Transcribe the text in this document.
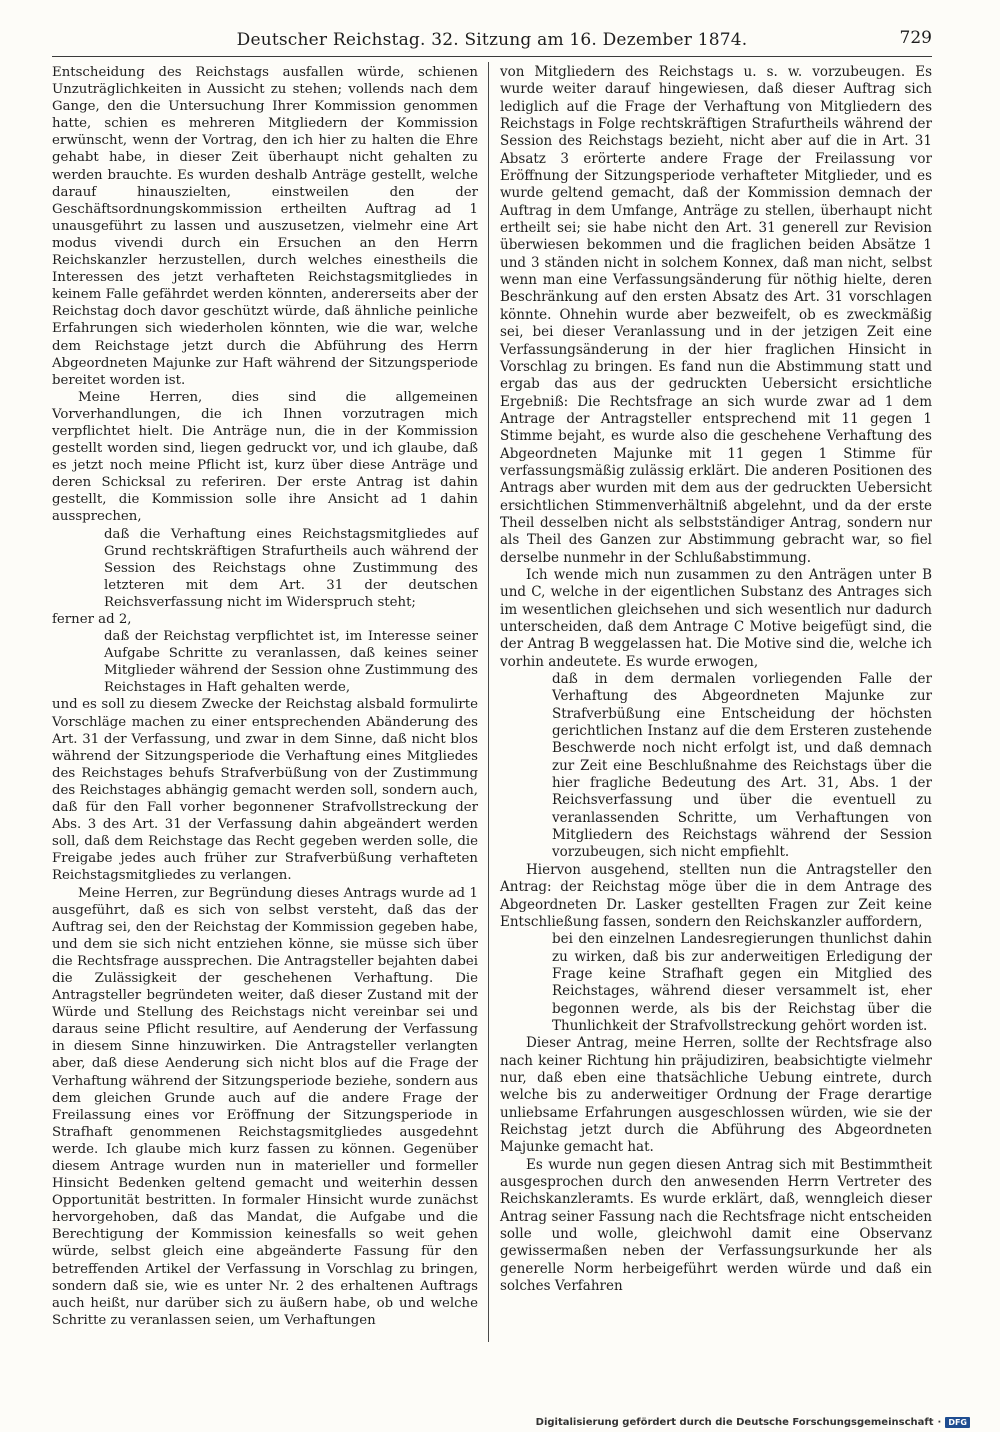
Deutscher Reichstag. 32. Sitzung am 16. Dezember 1874.	729

Entscheidung des Reichstags ausfallen würde, schienen Unzuträglichkeiten in Aussicht zu stehen; vollends nach dem Gange, den die Untersuchung Ihrer Kommission genommen hatte, schien es mehreren Mitgliedern der Kommission erwünscht, wenn der Vortrag, den ich hier zu halten die Ehre gehabt habe, in dieser Zeit überhaupt nicht gehalten zu werden brauchte. Es wurden deshalb Anträge gestellt, welche darauf hinauszielten, einstweilen den der Geschäftsordnungskommission ertheilten Auftrag ad 1 unausgeführt zu lassen und auszusetzen, vielmehr eine Art modus vivendi durch ein Ersuchen an den Herrn Reichskanzler herzustellen, durch welches einestheils die Interessen des jetzt verhafteten Reichstagsmitgliedes in keinem Falle gefährdet werden könnten, andererseits aber der Reichstag doch davor geschützt würde, daß ähnliche peinliche Erfahrungen sich wiederholen könnten, wie die war, welche dem Reichstage jetzt durch die Abführung des Herrn Abgeordneten Majunke zur Haft während der Sitzungsperiode bereitet worden ist.

Meine Herren, dies sind die allgemeinen Vorverhandlungen, die ich Ihnen vorzutragen mich verpflichtet hielt. Die Anträge nun, die in der Kommission gestellt worden sind, liegen gedruckt vor, und ich glaube, daß es jetzt noch meine Pflicht ist, kurz über diese Anträge und deren Schicksal zu referiren. Der erste Antrag ist dahin gestellt, die Kommission solle ihre Ansicht ad 1 dahin aussprechen,

daß die Verhaftung eines Reichstagsmitgliedes auf Grund rechtskräftigen Strafurtheils auch während der Session des Reichstags ohne Zustimmung des letzteren mit dem Art. 31 der deutschen Reichsverfassung nicht im Widerspruch steht;

ferner ad 2,

daß der Reichstag verpflichtet ist, im Interesse seiner Aufgabe Schritte zu veranlassen, daß keines seiner Mitglieder während der Session ohne Zustimmung des Reichstages in Haft gehalten werde,

und es soll zu diesem Zwecke der Reichstag alsbald formulirte Vorschläge machen zu einer entsprechenden Abänderung des Art. 31 der Verfassung, und zwar in dem Sinne, daß nicht blos während der Sitzungsperiode die Verhaftung eines Mitgliedes des Reichstages behufs Strafverbüßung von der Zustimmung des Reichstages abhängig gemacht werden soll, sondern auch, daß für den Fall vorher begonnener Strafvollstreckung der Abs. 3 des Art. 31 der Verfassung dahin abgeändert werden soll, daß dem Reichstage das Recht gegeben werden solle, die Freigabe jedes auch früher zur Strafverbüßung verhafteten Reichstagsmitgliedes zu verlangen.

Meine Herren, zur Begründung dieses Antrags wurde ad 1 ausgeführt, daß es sich von selbst versteht, daß das der Auftrag sei, den der Reichstag der Kommission gegeben habe, und dem sie sich nicht entziehen könne, sie müsse sich über die Rechtsfrage aussprechen. Die Antragsteller bejahten dabei die Zulässigkeit der geschehenen Verhaftung. Die Antragsteller begründeten weiter, daß dieser Zustand mit der Würde und Stellung des Reichstags nicht vereinbar sei und daraus seine Pflicht resultire, auf Aenderung der Verfassung in diesem Sinne hinzuwirken. Die Antragsteller verlangten aber, daß diese Aenderung sich nicht blos auf die Frage der Verhaftung während der Sitzungsperiode beziehe, sondern aus dem gleichen Grunde auch auf die andere Frage der Freilassung eines vor Eröffnung der Sitzungsperiode in Strafhaft genommenen Reichstagsmitgliedes ausgedehnt werde. Ich glaube mich kurz fassen zu können. Gegenüber diesem Antrage wurden nun in materieller und formeller Hinsicht Bedenken geltend gemacht und weiterhin dessen Opportunität bestritten. In formaler Hinsicht wurde zunächst hervorgehoben, daß das Mandat, die Aufgabe und die Berechtigung der Kommission keinesfalls so weit gehen würde, selbst gleich eine abgeänderte Fassung für den betreffenden Artikel der Verfassung in Vorschlag zu bringen, sondern daß sie, wie es unter Nr. 2 des erhaltenen Auftrags auch heißt, nur darüber sich zu äußern habe, ob und welche Schritte zu veranlassen seien, um Verhaftungen

von Mitgliedern des Reichstags u. s. w. vorzubeugen. Es wurde weiter darauf hingewiesen, daß dieser Auftrag sich lediglich auf die Frage der Verhaftung von Mitgliedern des Reichstags in Folge rechtskräftigen Strafurtheils während der Session des Reichstags bezieht, nicht aber auf die in Art. 31 Absatz 3 erörterte andere Frage der Freilassung vor Eröffnung der Sitzungsperiode verhafteter Mitglieder, und es wurde geltend gemacht, daß der Kommission demnach der Auftrag in dem Umfange, Anträge zu stellen, überhaupt nicht ertheilt sei; sie habe nicht den Art. 31 generell zur Revision überwiesen bekommen und die fraglichen beiden Absätze 1 und 3 ständen nicht in solchem Konnex, daß man nicht, selbst wenn man eine Verfassungsänderung für nöthig hielte, deren Beschränkung auf den ersten Absatz des Art. 31 vorschlagen könnte. Ohnehin wurde aber bezweifelt, ob es zweckmäßig sei, bei dieser Veranlassung und in der jetzigen Zeit eine Verfassungsänderung in der hier fraglichen Hinsicht in Vorschlag zu bringen. Es fand nun die Abstimmung statt und ergab das aus der gedruckten Uebersicht ersichtliche Ergebniß: Die Rechtsfrage an sich wurde zwar ad 1 dem Antrage der Antragsteller entsprechend mit 11 gegen 1 Stimme bejaht, es wurde also die geschehene Verhaftung des Abgeordneten Majunke mit 11 gegen 1 Stimme für verfassungsmäßig zulässig erklärt. Die anderen Positionen des Antrags aber wurden mit dem aus der gedruckten Uebersicht ersichtlichen Stimmenverhältniß abgelehnt, und da der erste Theil desselben nicht als selbstständiger Antrag, sondern nur als Theil des Ganzen zur Abstimmung gebracht war, so fiel derselbe nunmehr in der Schlußabstimmung.

Ich wende mich nun zusammen zu den Anträgen unter B und C, welche in der eigentlichen Substanz des Antrages sich im wesentlichen gleichsehen und sich wesentlich nur dadurch unterscheiden, daß dem Antrage C Motive beigefügt sind, die der Antrag B weggelassen hat. Die Motive sind die, welche ich vorhin andeutete. Es wurde erwogen,

daß in dem dermalen vorliegenden Falle der Verhaftung des Abgeordneten Majunke zur Strafverbüßung eine Entscheidung der höchsten gerichtlichen Instanz auf die dem Ersteren zustehende Beschwerde noch nicht erfolgt ist, und daß demnach zur Zeit eine Beschlußnahme des Reichstags über die hier fragliche Bedeutung des Art. 31, Abs. 1 der Reichsverfassung und über die eventuell zu veranlassenden Schritte, um Verhaftungen von Mitgliedern des Reichstags während der Session vorzubeugen, sich nicht empfiehlt.

Hiervon ausgehend, stellten nun die Antragsteller den Antrag: der Reichstag möge über die in dem Antrage des Abgeordneten Dr. Lasker gestellten Fragen zur Zeit keine Entschließung fassen, sondern den Reichskanzler auffordern,

bei den einzelnen Landesregierungen thunlichst dahin zu wirken, daß bis zur anderweitigen Erledigung der Frage keine Strafhaft gegen ein Mitglied des Reichstages, während dieser versammelt ist, eher begonnen werde, als bis der Reichstag über die Thunlichkeit der Strafvollstreckung gehört worden ist.

Dieser Antrag, meine Herren, sollte der Rechtsfrage also nach keiner Richtung hin präjudiziren, beabsichtigte vielmehr nur, daß eben eine thatsächliche Uebung eintrete, durch welche bis zu anderweitiger Ordnung der Frage derartige unliebsame Erfahrungen ausgeschlossen würden, wie sie der Reichstag jetzt durch die Abführung des Abgeordneten Majunke gemacht hat.

Es wurde nun gegen diesen Antrag sich mit Bestimmtheit ausgesprochen durch den anwesenden Herrn Vertreter des Reichskanzleramts. Es wurde erklärt, daß, wenngleich dieser Antrag seiner Fassung nach die Rechtsfrage nicht entscheiden solle und wolle, gleichwohl damit eine Observanz gewissermaßen neben der Verfassungsurkunde her als generelle Norm herbeigeführt werden würde und daß ein solches Verfahren

Digitalisierung gefördert durch die Deutsche Forschungsgemeinschaft · DFG
